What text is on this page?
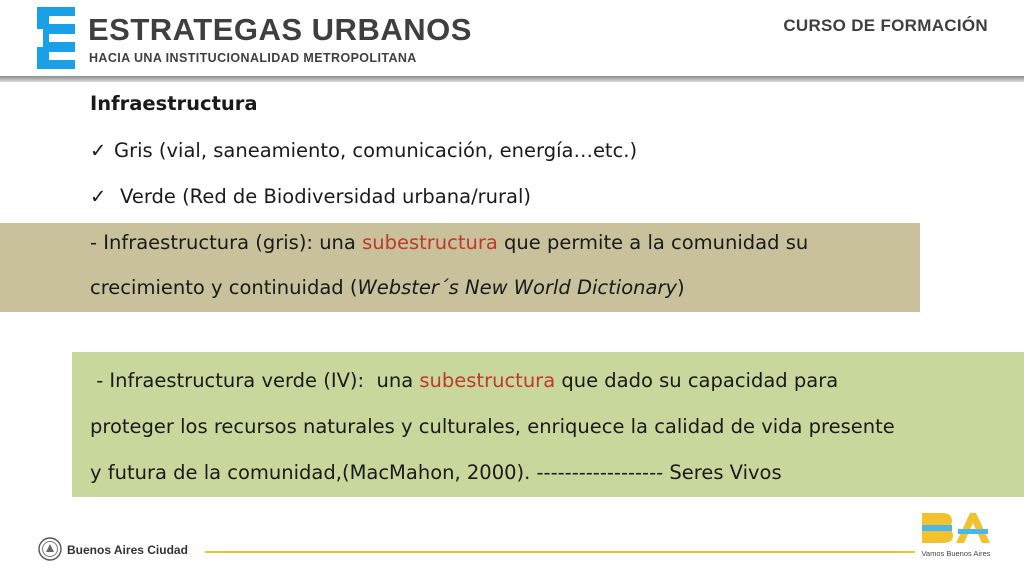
ESTRATEGAS URBANOS
HACIA UNA INSTITUCIONALIDAD METROPOLITANA
CURSO DE FORMACIÓN
Infraestructura
✓ Gris (vial, saneamiento, comunicación, energía…etc.)
✓ Verde (Red de Biodiversidad urbana/rural)
- Infraestructura (gris): una subestructura que permite a la comunidad su
crecimiento y continuidad (Webster´s New World Dictionary)
- Infraestructura verde (IV):  una subestructura que dado su capacidad para
proteger los recursos naturales y culturales, enriquece la calidad de vida presente
y futura de la comunidad,(MacMahon, 2000). ------------------ Seres Vivos
Buenos Aires Ciudad	Vamos Buenos Aires
